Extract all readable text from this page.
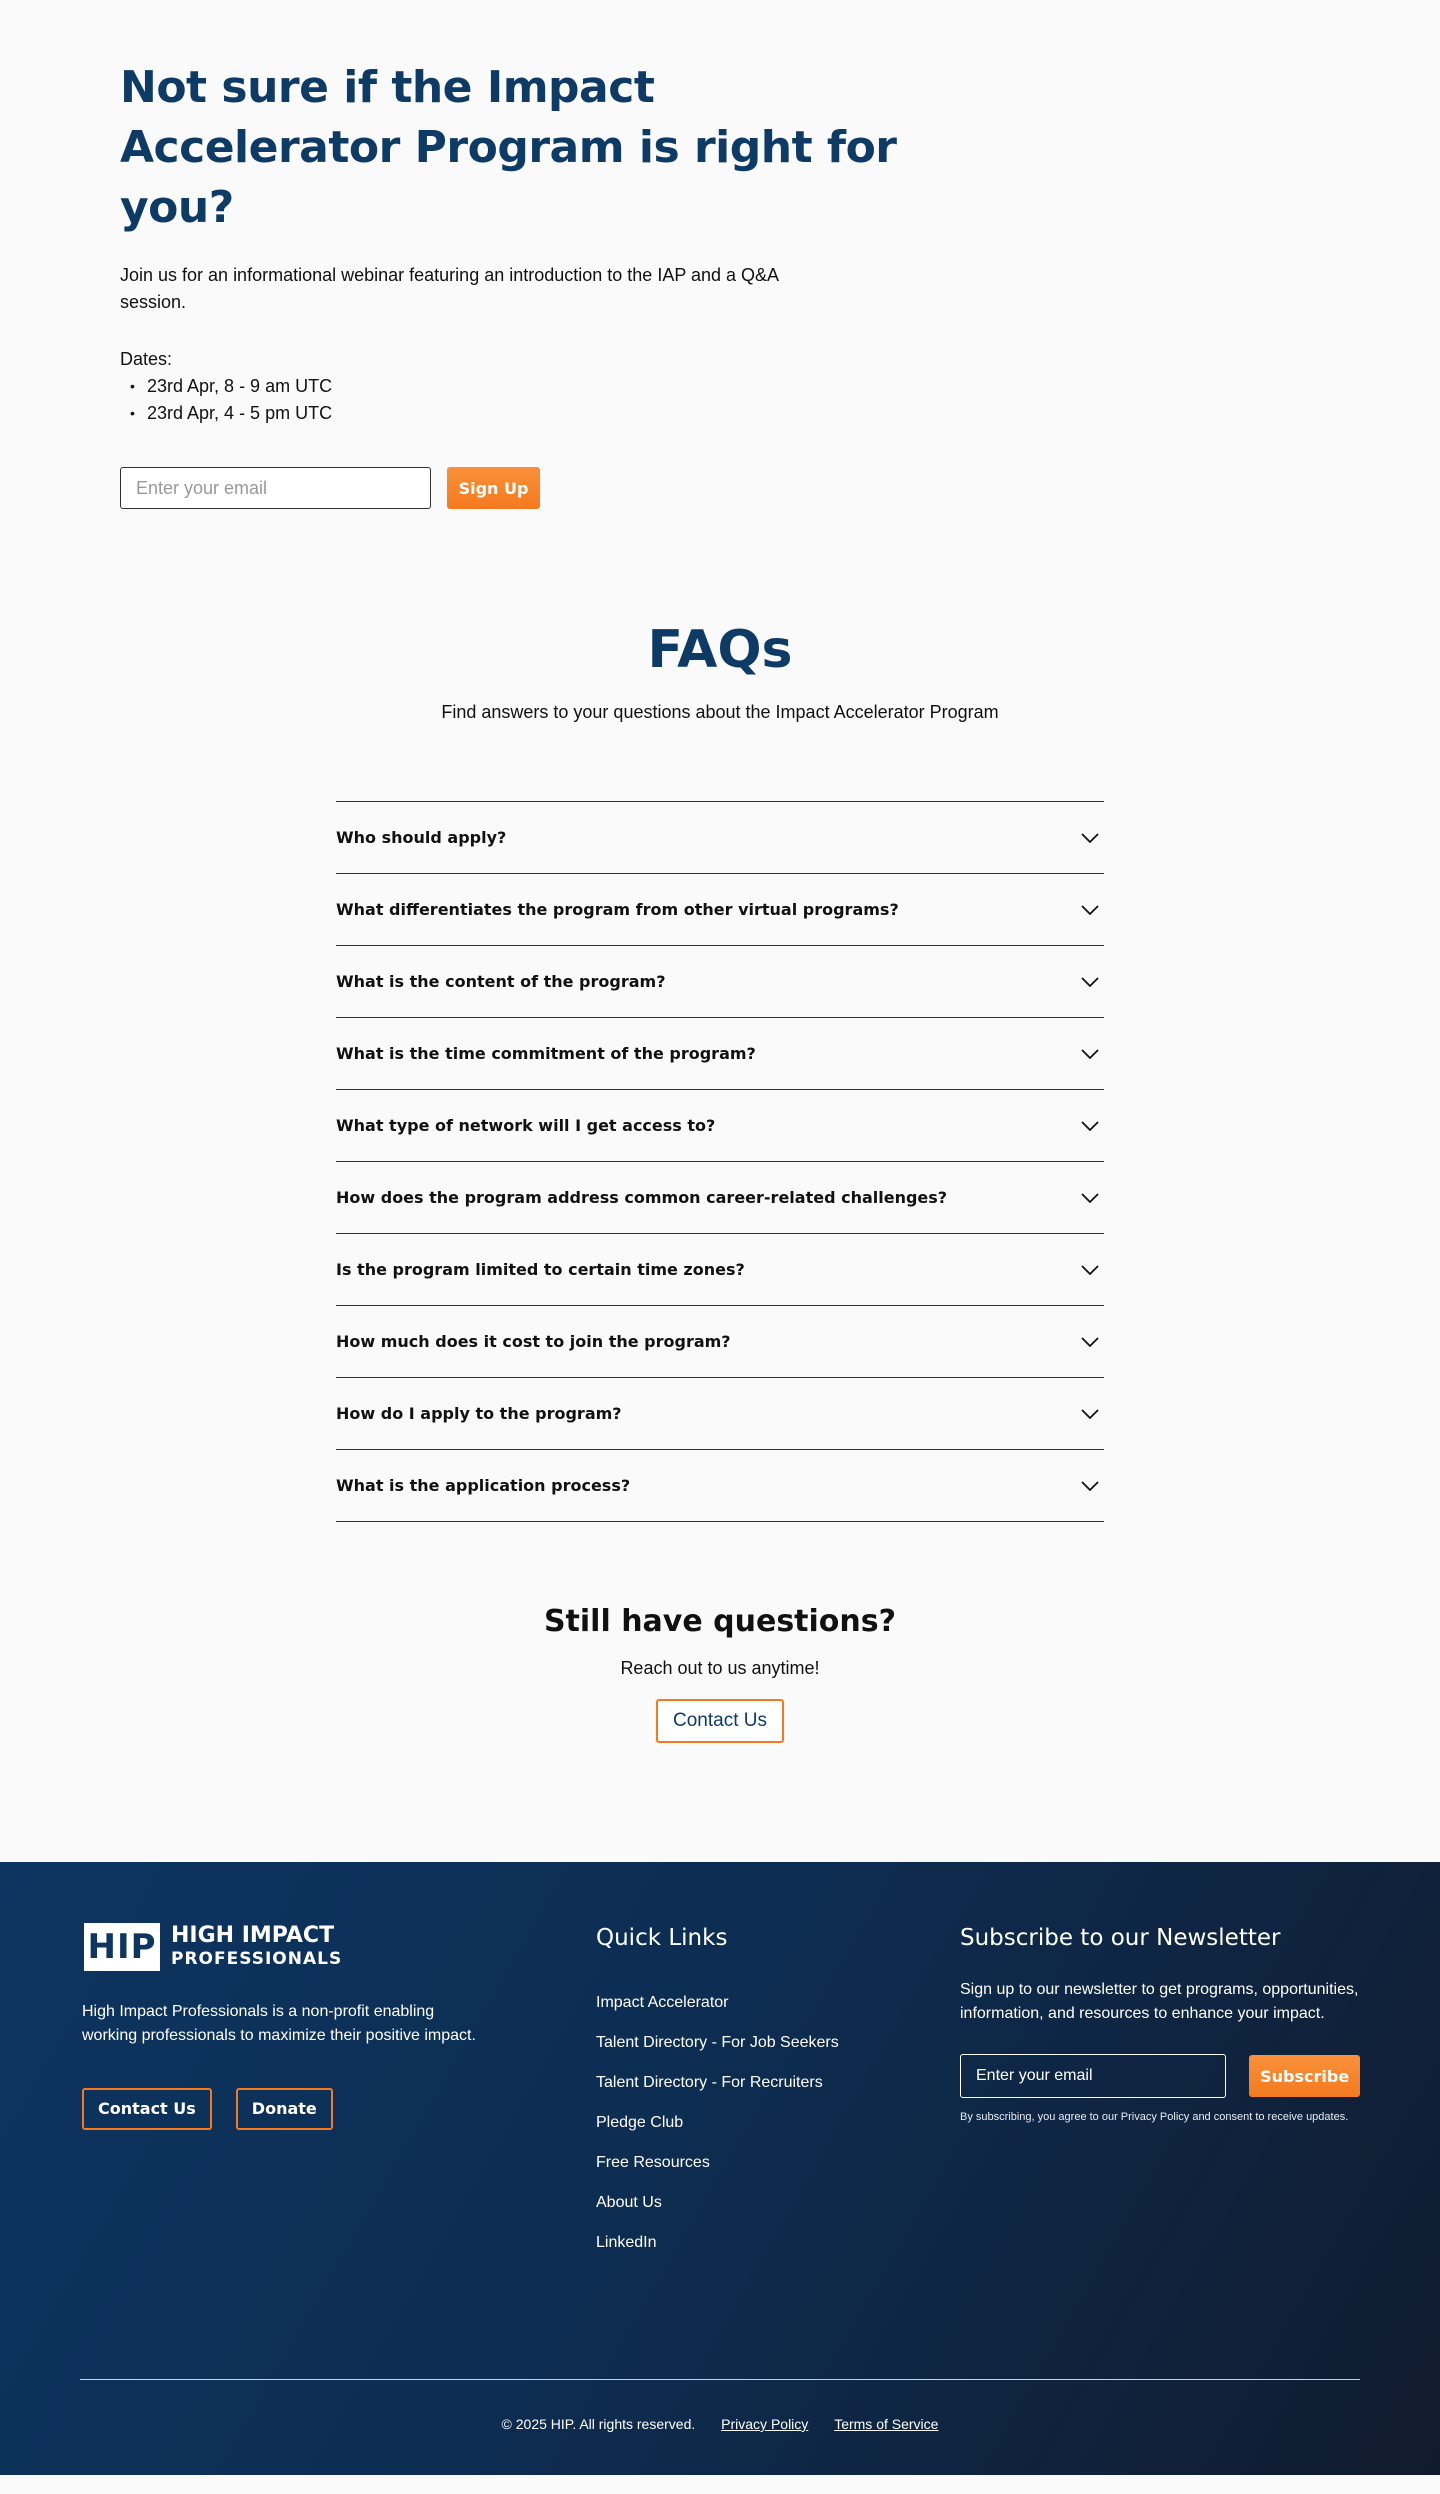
Not sure if the Impact Accelerator Program is right for you?

Join us for an informational webinar featuring an introduction to the IAP and a Q&A session.

Dates:

• 23rd Apr, 8 - 9 am UTC
• 23rd Apr, 4 - 5 pm UTC
Enter your email
Sign Up
FAQs

Find answers to your questions about the Impact Accelerator Program

Who should apply?
What differentiates the program from other virtual programs?
What is the content of the program?
What is the time commitment of the program?
What type of network will I get access to?
How does the program address common career-related challenges?
Is the program limited to certain time zones?
How much does it cost to join the program?
How do I apply to the program?
What is the application process?
Still have questions?

Reach out to us anytime!

Contact Us
HIP HIGH IMPACT
PROFESSIONALS

High Impact Professionals is a non-profit enabling working professionals to maximize their positive impact.

Contact Us	Donate
Quick Links
Impact Accelerator
Talent Directory - For Job Seekers
Talent Directory - For Recruiters
Pledge Club
Free Resources
About Us
LinkedIn
Subscribe to our Newsletter

Sign up to our newsletter to get programs, opportunities, information, and resources to enhance your impact.

Enter your email
Subscribe

By subscribing, you agree to our Privacy Policy and consent to receive updates.

© 2025 HIP. All rights reserved. Privacy Policy Terms of Service
